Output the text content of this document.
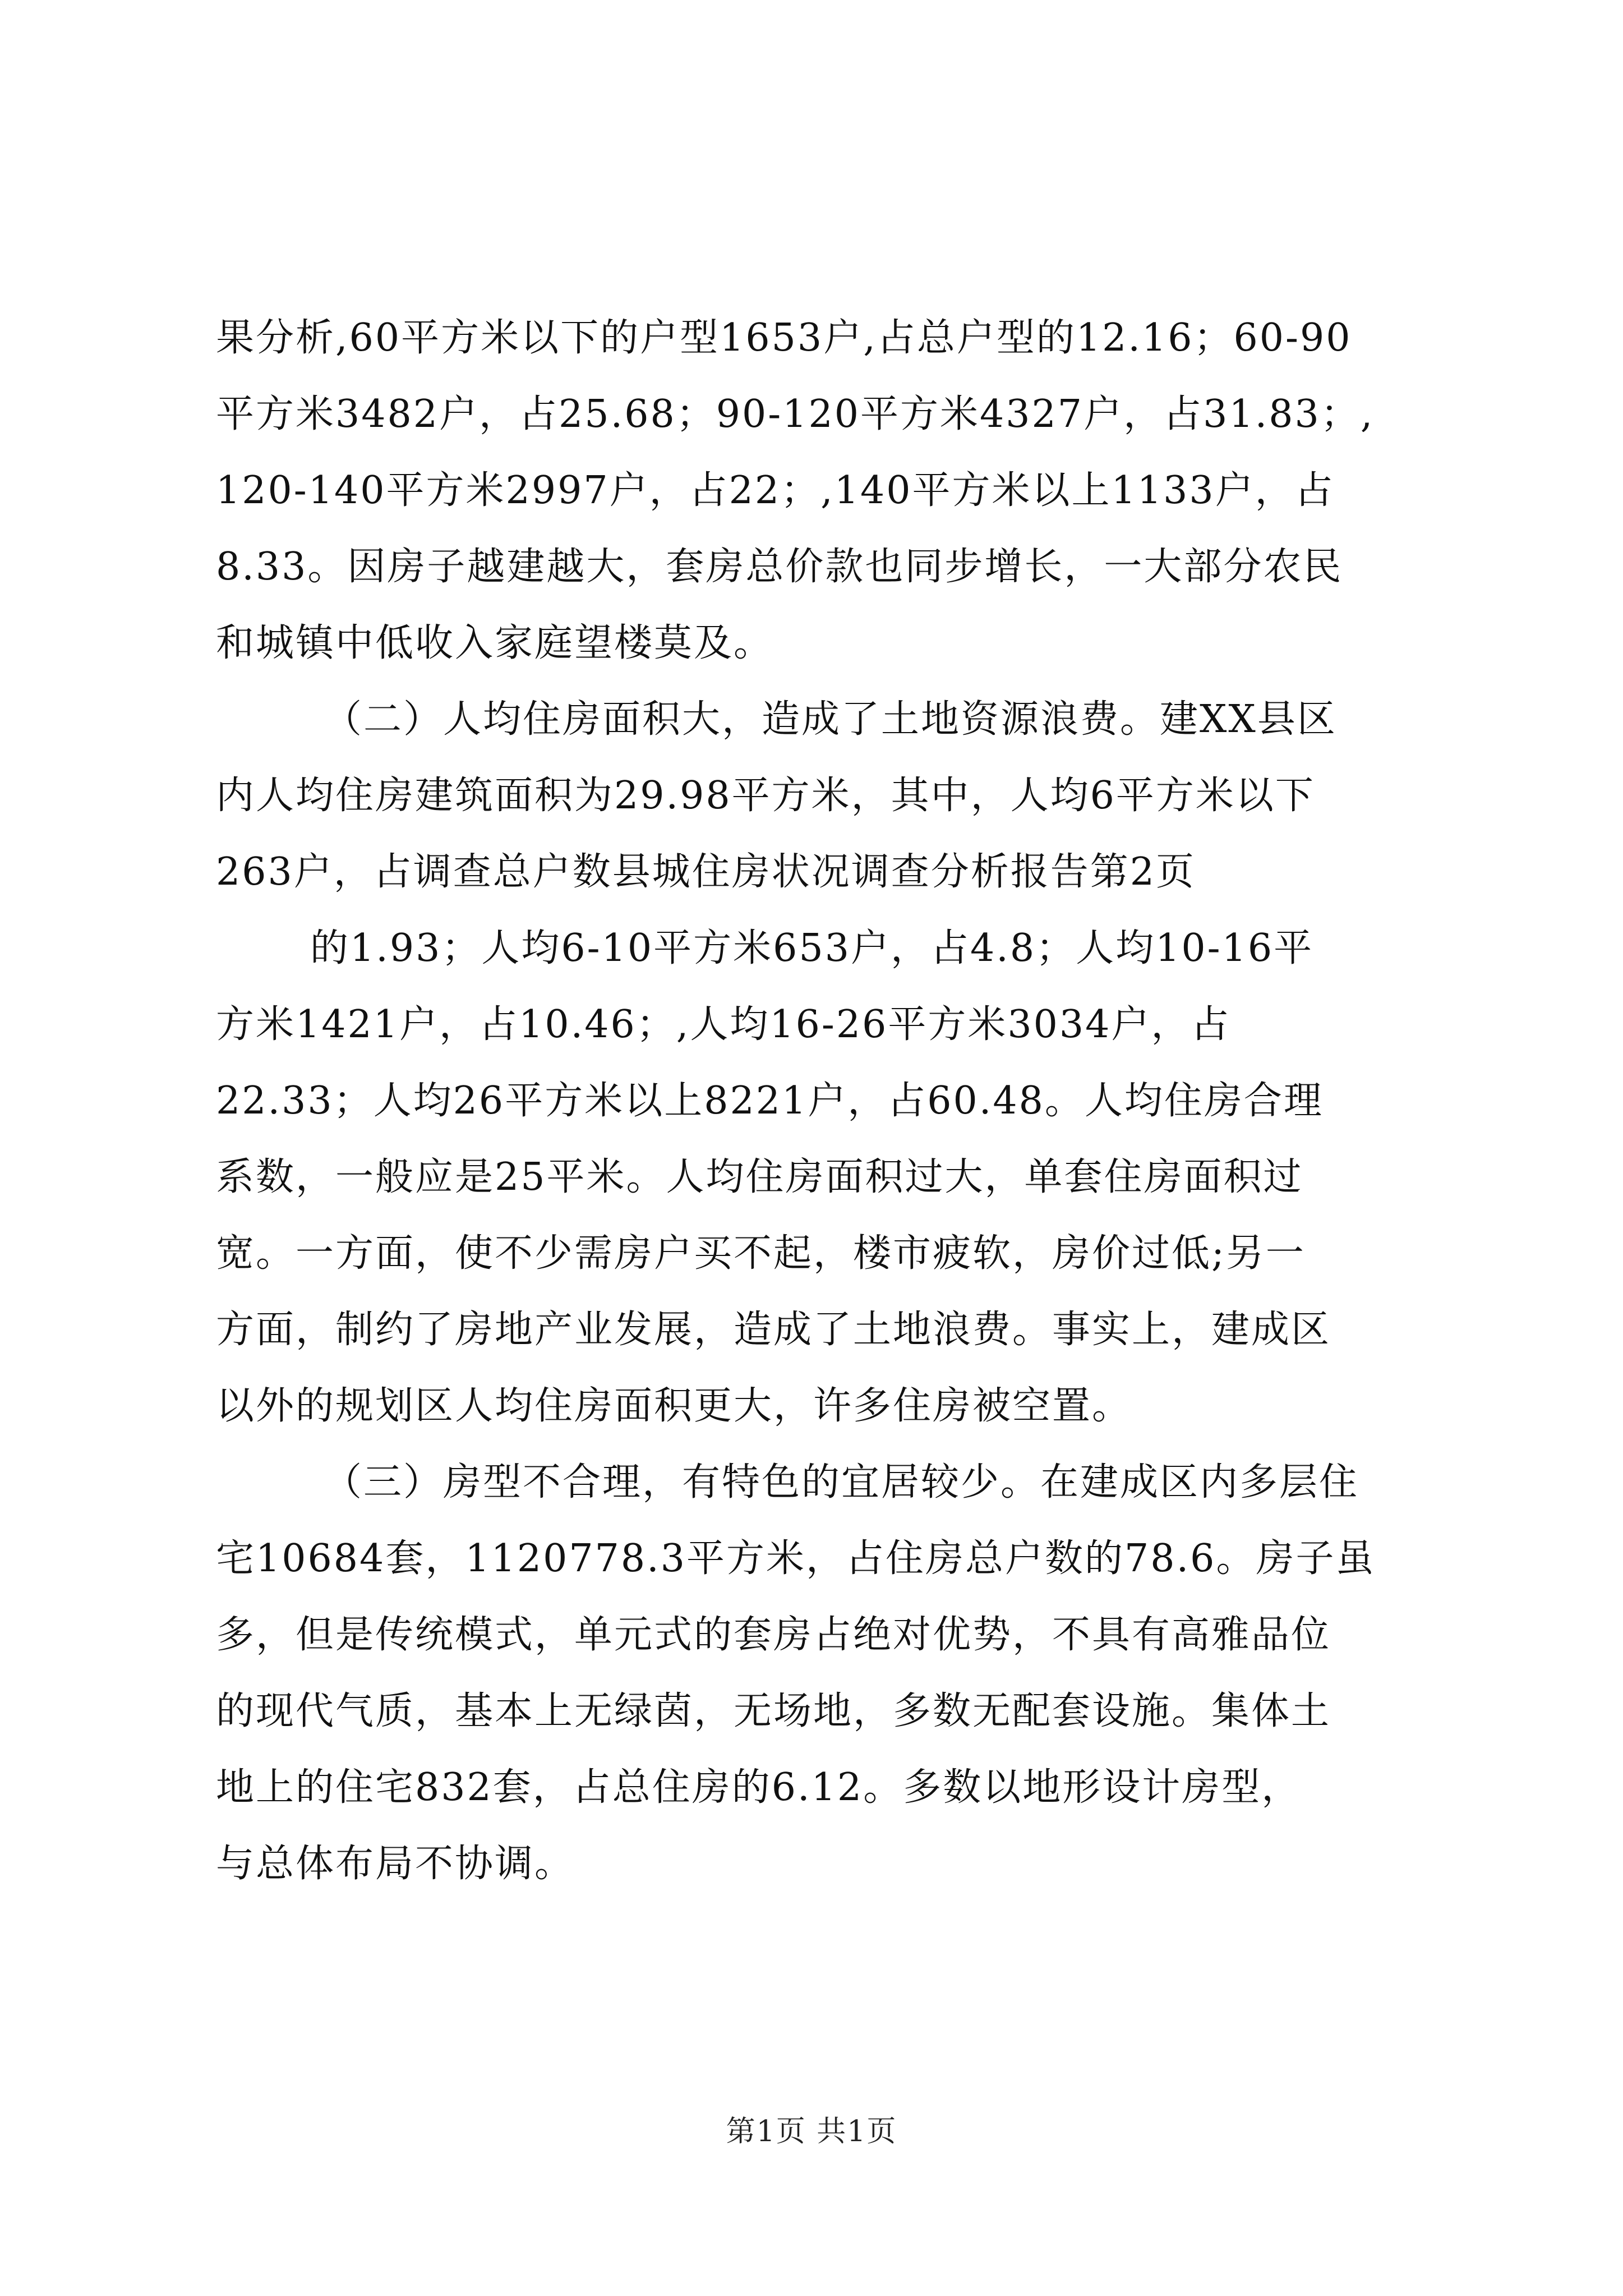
果分析,60平方米以下的户型1653户,占总户型的12.16；60-90
平方米3482户，占25.68；90-120平方米4327户，占31.83；,
120-140平方米2997户，占22；,140平方米以上1133户，占
8.33。因房子越建越大，套房总价款也同步增长，一大部分农民
和城镇中低收入家庭望楼莫及。
（二）人均住房面积大，造成了土地资源浪费。建XX县区
内人均住房建筑面积为29.98平方米，其中，人均6平方米以下
263户，占调查总户数县城住房状况调查分析报告第2页
的1.93；人均6-10平方米653户，占4.8；人均10-16平
方米1421户，占10.46；,人均16-26平方米3034户，占
22.33；人均26平方米以上8221户，占60.48。人均住房合理
系数，一般应是25平米。人均住房面积过大，单套住房面积过
宽。一方面，使不少需房户买不起，楼市疲软，房价过低;另一
方面，制约了房地产业发展，造成了土地浪费。事实上，建成区
以外的规划区人均住房面积更大，许多住房被空置。
（三）房型不合理，有特色的宜居较少。在建成区内多层住
宅10684套，1120778.3平方米，占住房总户数的78.6。房子虽
多，但是传统模式，单元式的套房占绝对优势，不具有高雅品位
的现代气质，基本上无绿茵，无场地，多数无配套设施。集体土
地上的住宅832套，占总住房的6.12。多数以地形设计房型，
与总体布局不协调。
第1页 共1页
